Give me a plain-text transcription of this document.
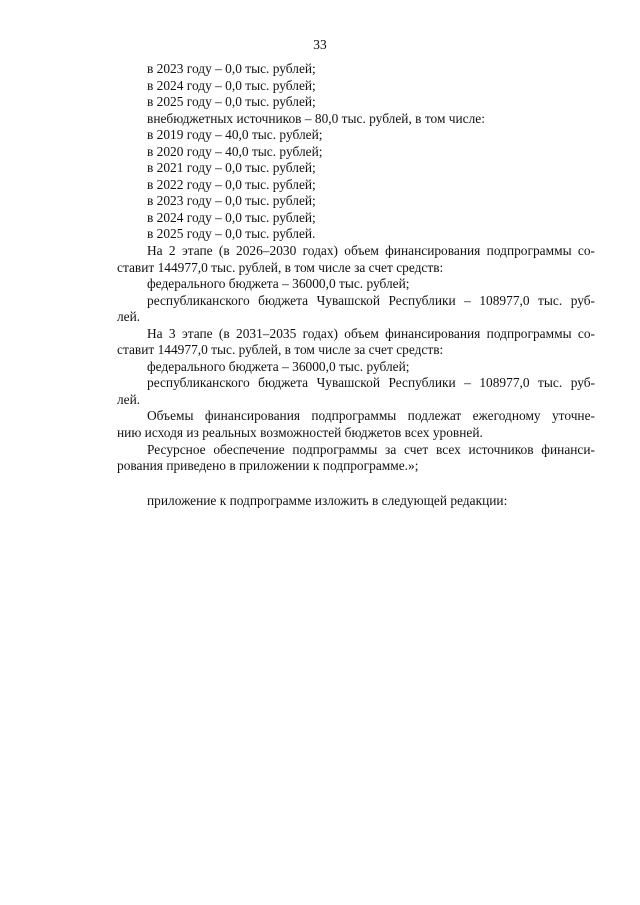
33
в 2023 году – 0,0 тыс. рублей;
в 2024 году – 0,0 тыс. рублей;
в 2025 году – 0,0 тыс. рублей;
внебюджетных источников – 80,0 тыс. рублей, в том числе:
в 2019 году – 40,0 тыс. рублей;
в 2020 году – 40,0 тыс. рублей;
в 2021 году – 0,0 тыс. рублей;
в 2022 году – 0,0 тыс. рублей;
в 2023 году – 0,0 тыс. рублей;
в 2024 году – 0,0 тыс. рублей;
в 2025 году – 0,0 тыс. рублей.
На 2 этапе (в 2026–2030 годах) объем финансирования подпрограммы со-
ставит 144977,0 тыс. рублей, в том числе за счет средств:
федерального бюджета – 36000,0 тыс. рублей;
республиканского бюджета Чувашской Республики – 108977,0 тыс. руб-
лей.
На 3 этапе (в 2031–2035 годах) объем финансирования подпрограммы со-
ставит 144977,0 тыс. рублей, в том числе за счет средств:
федерального бюджета – 36000,0 тыс. рублей;
республиканского бюджета Чувашской Республики – 108977,0 тыс. руб-
лей.
Объемы финансирования подпрограммы подлежат ежегодному уточне-
нию исходя из реальных возможностей бюджетов всех уровней.
Ресурсное обеспечение подпрограммы за счет всех источников финанси-
рования приведено в приложении к подпрограмме.»;
приложение к подпрограмме изложить в следующей редакции:
